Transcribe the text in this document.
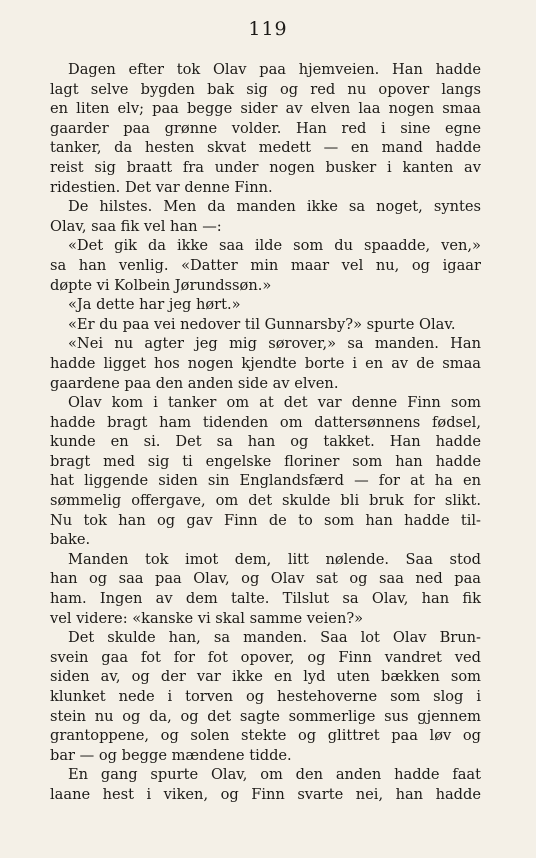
119
Dagen efter tok Olav paa hjemveien. Han hadde
lagt selve bygden bak sig og red nu opover langs
en liten elv; paa begge sider av elven laa nogen smaa
gaarder paa grønne volder. Han red i sine egne
tanker, da hesten skvat medett — en mand hadde
reist sig braatt fra under nogen busker i kanten av
ridestien. Det var denne Finn.
De hilstes. Men da manden ikke sa noget, syntes
Olav, saa fik vel han —:
«Det gik da ikke saa ilde som du spaadde, ven,»
sa han venlig. «Datter min maar vel nu, og igaar
døpte vi Kolbein Jørundssøn.»
«Ja dette har jeg hørt.»
«Er du paa vei nedover til Gunnarsby?» spurte Olav.
«Nei nu agter jeg mig sørover,» sa manden. Han
hadde ligget hos nogen kjendte borte i en av de smaa
gaardene paa den anden side av elven.
Olav kom i tanker om at det var denne Finn som
hadde bragt ham tidenden om dattersønnens fødsel,
kunde en si. Det sa han og takket. Han hadde
bragt med sig ti engelske floriner som han hadde
hat liggende siden sin Englandsfærd — for at ha en
sømmelig offergave, om det skulde bli bruk for slikt.
Nu tok han og gav Finn de to som han hadde til-
bake.
Manden tok imot dem, litt nølende. Saa stod
han og saa paa Olav, og Olav sat og saa ned paa
ham. Ingen av dem talte. Tilslut sa Olav, han fik
vel videre: «kanske vi skal samme veien?»
Det skulde han, sa manden. Saa lot Olav Brun-
svein gaa fot for fot opover, og Finn vandret ved
siden av, og der var ikke en lyd uten bækken som
klunket nede i torven og hestehoverne som slog i
stein nu og da, og det sagte sommerlige sus gjennem
grantoppene, og solen stekte og glittret paa løv og
bar — og begge mændene tidde.
En gang spurte Olav, om den anden hadde faat
laane hest i viken, og Finn svarte nei, han hadde
